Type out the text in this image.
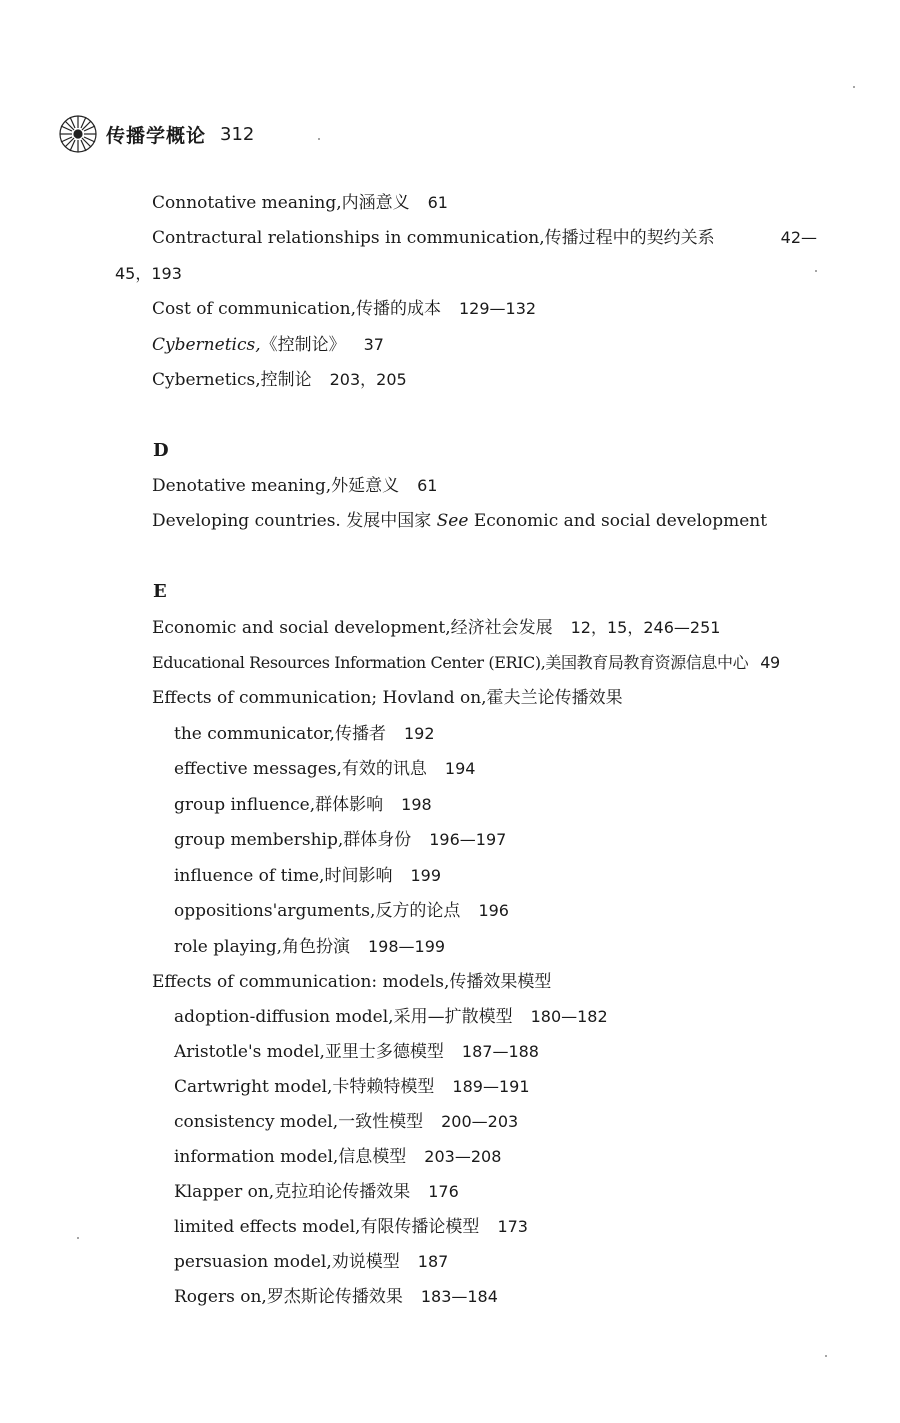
传播学概论 312
Connotative meaning,内涵意义 61
Contractural relationships in communication,传播过程中的契约关系	42—
45，193
Cost of communication,传播的成本 129—132
Cybernetics,《控制论》 37
Cybernetics,控制论 203，205
D
Denotative meaning,外延意义 61
Developing countries. 发展中国家 See Economic and social development
E
Economic and social development,经济社会发展 12，15，246—251
Educational Resources Information Center (ERIC),美国教育局教育资源信息中心 49
Effects of communication; Hovland on,霍夫兰论传播效果
the communicator,传播者 192
effective messages,有效的讯息 194
group influence,群体影响 198
group membership,群体身份 196—197
influence of time,时间影响 199
oppositions'arguments,反方的论点 196
role playing,角色扮演 198—199
Effects of communication: models,传播效果模型
adoption-diffusion model,采用—扩散模型 180—182
Aristotle's model,亚里士多德模型 187—188
Cartwright model,卡特赖特模型 189—191
consistency model,一致性模型 200—203
information model,信息模型 203—208
Klapper on,克拉珀论传播效果 176
limited effects model,有限传播论模型 173
persuasion model,劝说模型 187
Rogers on,罗杰斯论传播效果 183—184
